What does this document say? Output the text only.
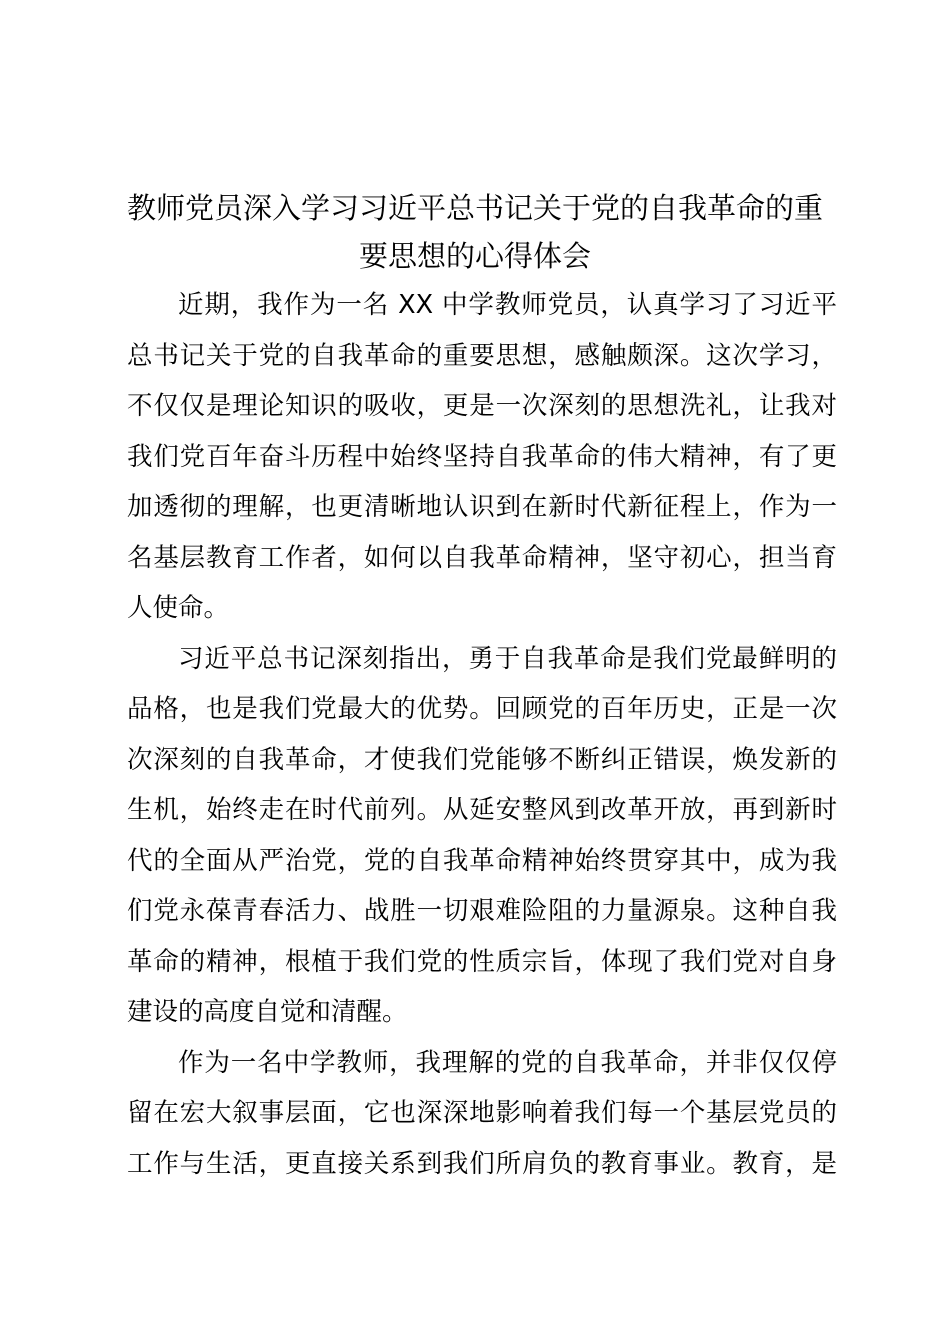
教师党员深入学习习近平总书记关于党的自我革命的重
要思想的心得体会
近期，我作为一名 XX 中学教师党员，认真学习了习近平
总书记关于党的自我革命的重要思想，感触颇深。这次学习，
不仅仅是理论知识的吸收，更是一次深刻的思想洗礼，让我对
我们党百年奋斗历程中始终坚持自我革命的伟大精神，有了更
加透彻的理解，也更清晰地认识到在新时代新征程上，作为一
名基层教育工作者，如何以自我革命精神，坚守初心，担当育
人使命。
习近平总书记深刻指出，勇于自我革命是我们党最鲜明的
品格，也是我们党最大的优势。回顾党的百年历史，正是一次
次深刻的自我革命，才使我们党能够不断纠正错误，焕发新的
生机，始终走在时代前列。从延安整风到改革开放，再到新时
代的全面从严治党，党的自我革命精神始终贯穿其中，成为我
们党永葆青春活力、战胜一切艰难险阻的力量源泉。这种自我
革命的精神，根植于我们党的性质宗旨，体现了我们党对自身
建设的高度自觉和清醒。
作为一名中学教师，我理解的党的自我革命，并非仅仅停
留在宏大叙事层面，它也深深地影响着我们每一个基层党员的
工作与生活，更直接关系到我们所肩负的教育事业。教育，是
